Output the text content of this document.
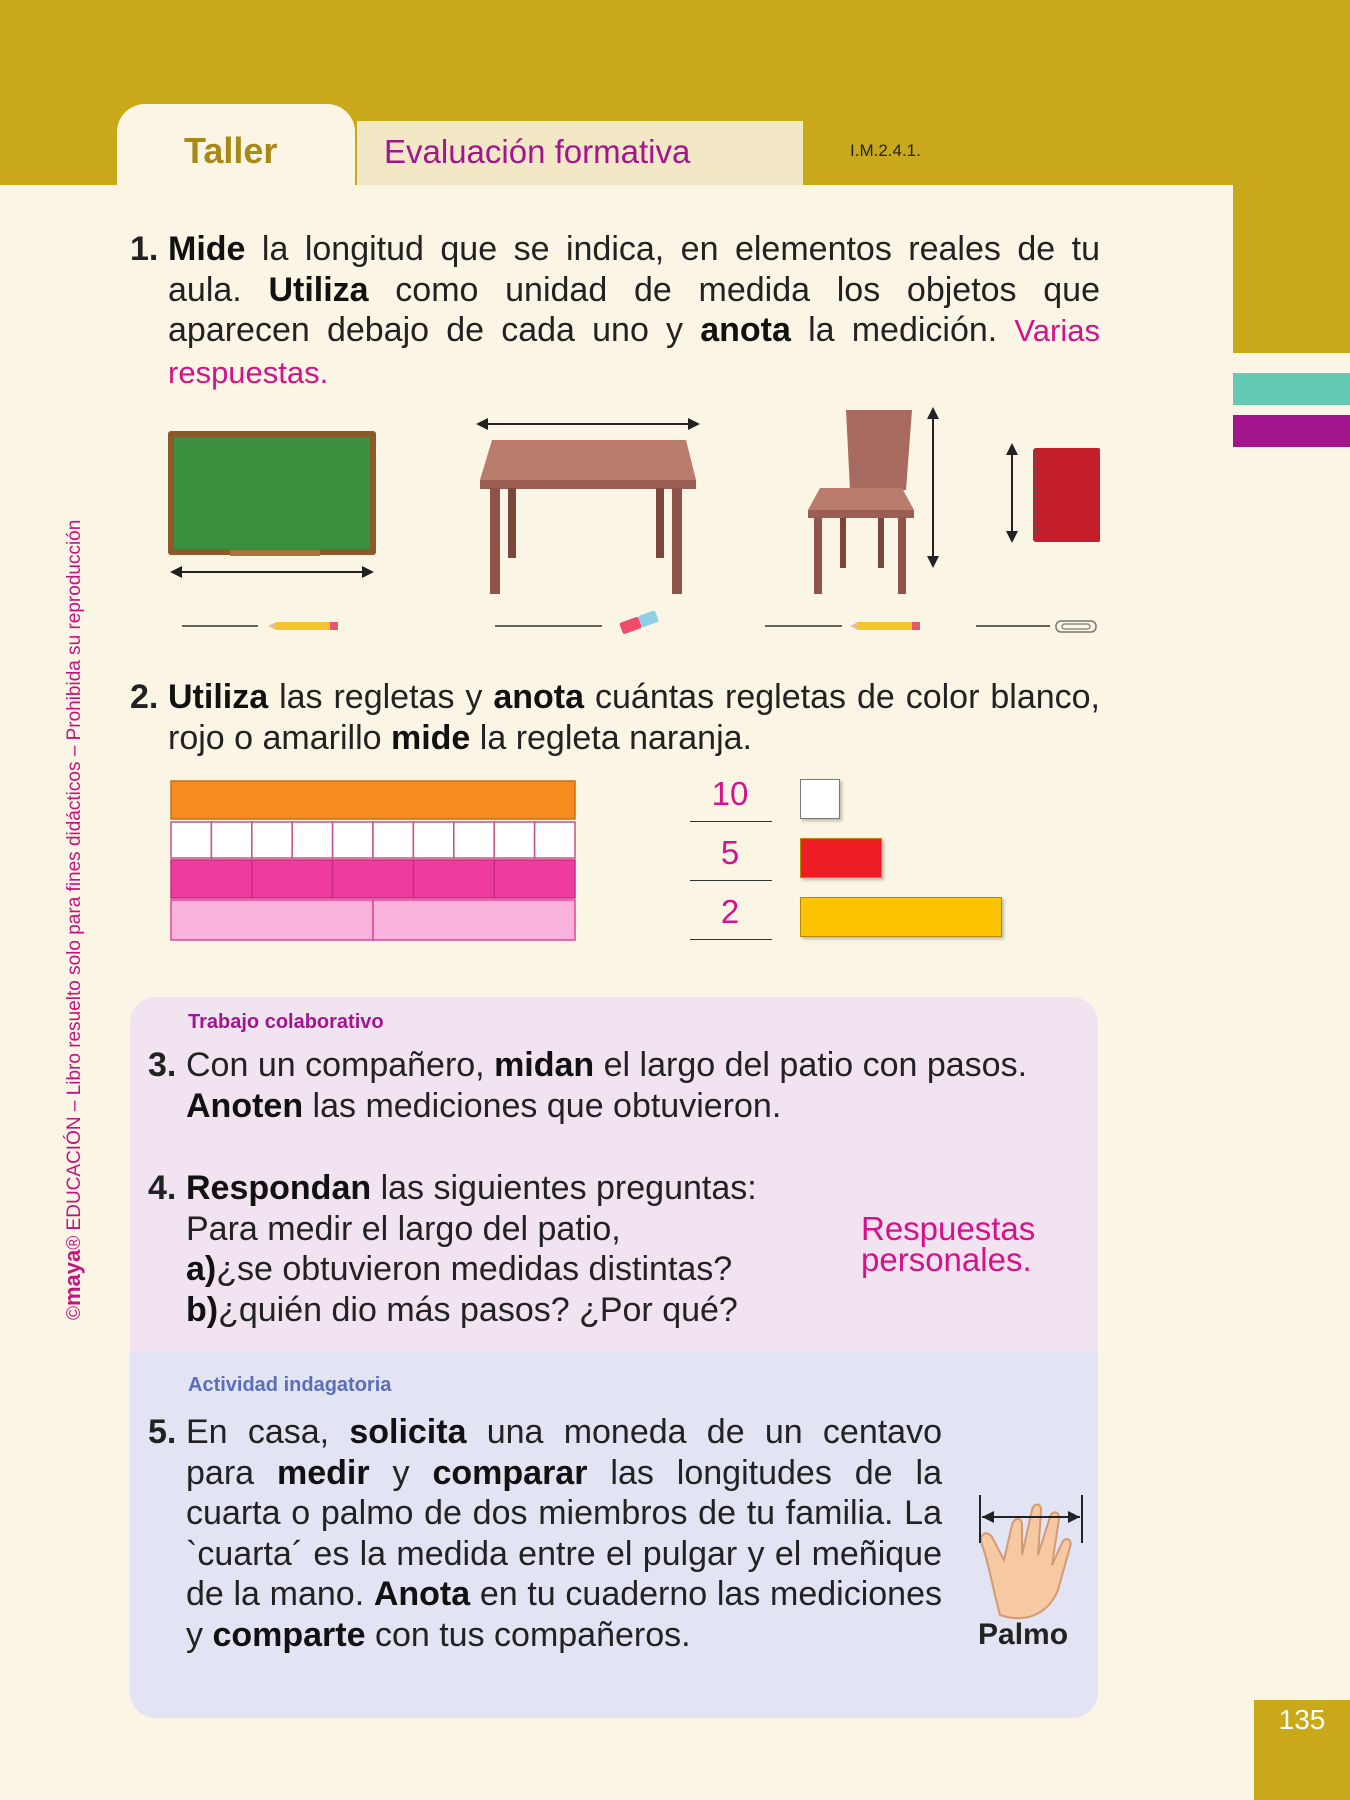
Taller	Evaluación formativa	I.M.2.4.1.
©maya® EDUCACIÓN – Libro resuelto solo para fines didácticos – Prohibida su reproducción
1. Mide la longitud que se indica, en elementos reales de tu aula. Utiliza como unidad de medida los objetos que aparecen debajo de cada uno y anota la medición. Varias respuestas.
2. Utiliza las regletas y anota cuántas regletas de color blanco, rojo o amarillo mide la regleta naranja.
10
5
2
Trabajo colaborativo
Actividad indagatoria
3. Con un compañero, midan el largo del patio con pasos. Anoten las mediciones que obtuvieron.
4. Respondan las siguientes preguntas:
Para medir el largo del patio,
a)¿se obtuvieron medidas distintas?
b)¿quién dio más pasos? ¿Por qué?
Respuestas
personales.
5. En casa, solicita una moneda de un centavo para medir y comparar las longitudes de la cuarta o palmo de dos miembros de tu familia. La `cuarta´ es la medida entre el pulgar y el meñique de la mano. Anota en tu cuaderno las mediciones y comparte con tus compañeros.	Palmo
135
